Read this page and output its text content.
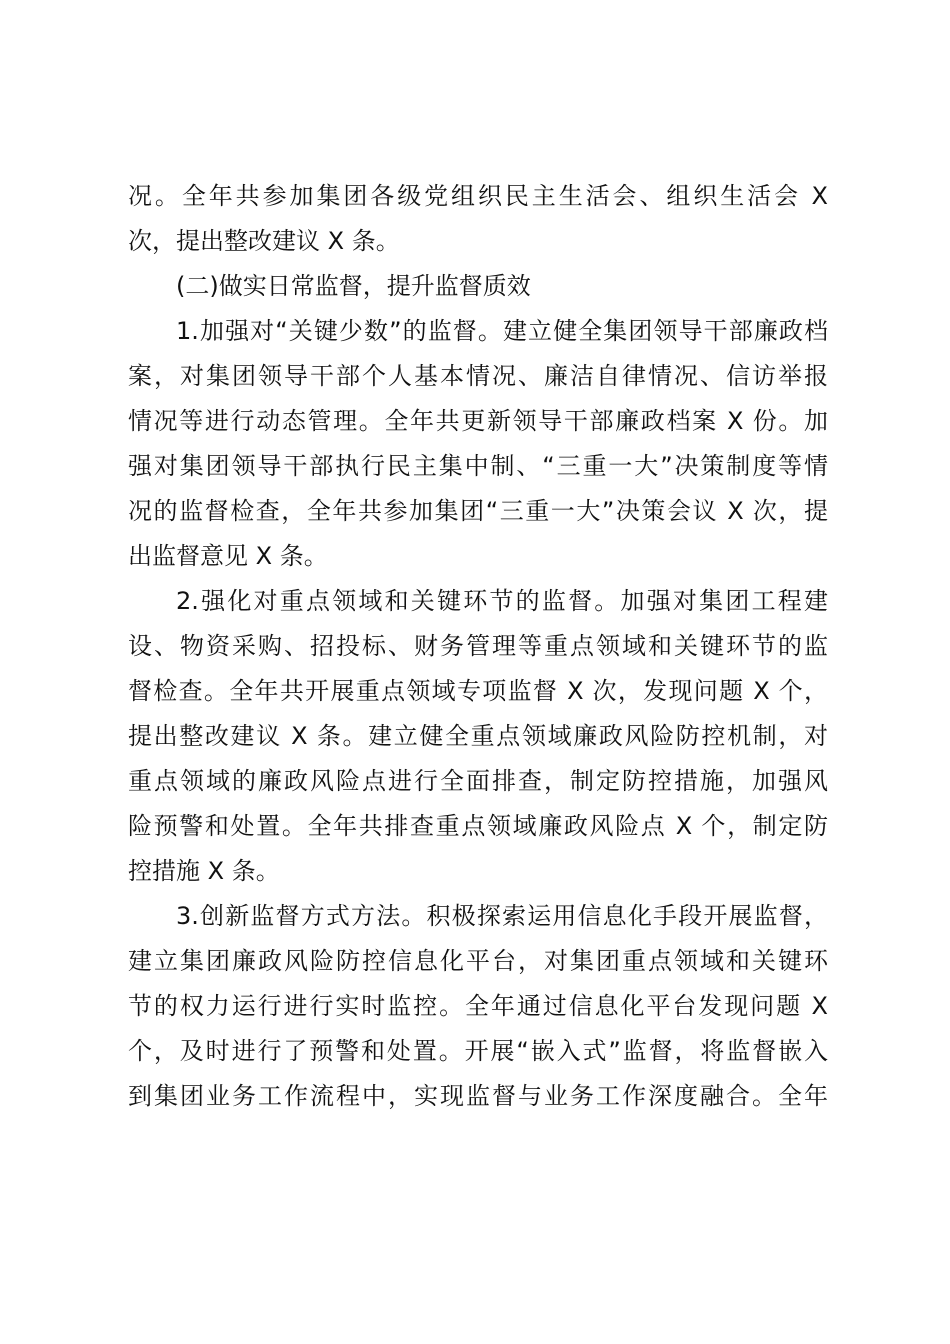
况。全年共参加集团各级党组织民主生活会、组织生活会 X
次，提出整改建议 X 条。
(二)做实日常监督，提升监督质效
1.加强对“关键少数”的监督。建立健全集团领导干部廉政档
案，对集团领导干部个人基本情况、廉洁自律情况、信访举报
情况等进行动态管理。全年共更新领导干部廉政档案 X 份。加
强对集团领导干部执行民主集中制、“三重一大”决策制度等情
况的监督检查，全年共参加集团“三重一大”决策会议 X 次，提
出监督意见 X 条。
2.强化对重点领域和关键环节的监督。加强对集团工程建
设、物资采购、招投标、财务管理等重点领域和关键环节的监
督检查。全年共开展重点领域专项监督 X 次，发现问题 X 个，
提出整改建议 X 条。建立健全重点领域廉政风险防控机制，对
重点领域的廉政风险点进行全面排查，制定防控措施，加强风
险预警和处置。全年共排查重点领域廉政风险点 X 个，制定防
控措施 X 条。
3.创新监督方式方法。积极探索运用信息化手段开展监督，
建立集团廉政风险防控信息化平台，对集团重点领域和关键环
节的权力运行进行实时监控。全年通过信息化平台发现问题 X
个，及时进行了预警和处置。开展“嵌入式”监督，将监督嵌入
到集团业务工作流程中，实现监督与业务工作深度融合。全年
